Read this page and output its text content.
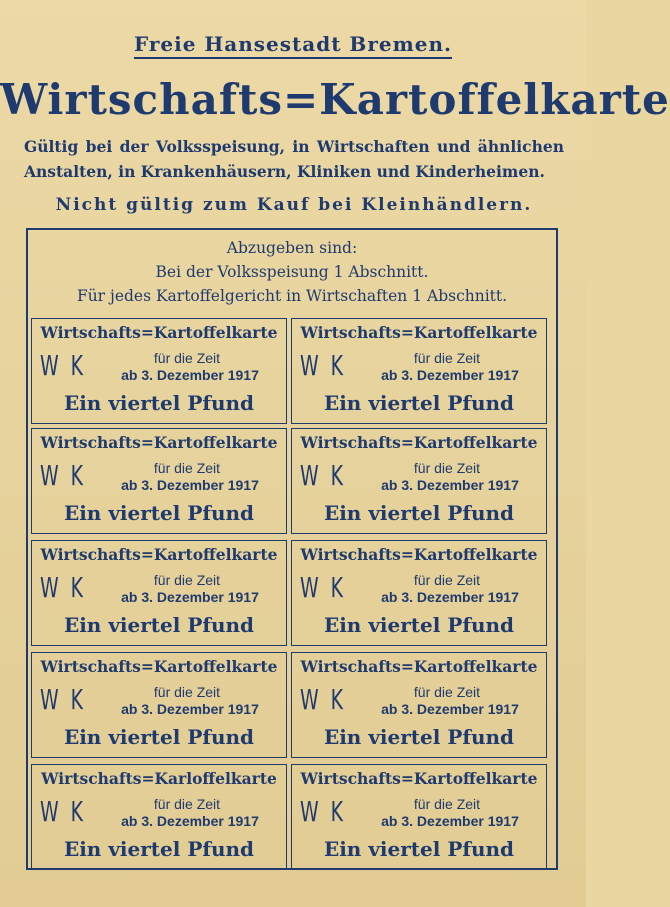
Freie Hansestadt Bremen.
Wirtschafts=Kartoffelkarte
Gültig bei der Volksspeisung, in Wirtschaften und ähnlichen Anstalten, in Krankenhäusern, Kliniken und Kinderheimen.
Nicht gültig zum Kauf bei Kleinhändlern.
Abzugeben sind:
Bei der Volksspeisung 1 Abschnitt.
Für jedes Kartoffelgericht in Wirtschaften 1 Abschnitt.
Wirtschafts=Kartoffelkarte
W K	für die Zeit
ab 3. Dezember 1917
Ein viertel Pfund
Wirtschafts=Kartoffelkarte
W K	für die Zeit
ab 3. Dezember 1917
Ein viertel Pfund
Wirtschafts=Kartoffelkarte
W K	für die Zeit
ab 3. Dezember 1917
Ein viertel Pfund
Wirtschafts=Kartoffelkarte
W K	für die Zeit
ab 3. Dezember 1917
Ein viertel Pfund
Wirtschafts=Kartoffelkarte
W K	für die Zeit
ab 3. Dezember 1917
Ein viertel Pfund
Wirtschafts=Kartoffelkarte
W K	für die Zeit
ab 3. Dezember 1917
Ein viertel Pfund
Wirtschafts=Kartoffelkarte
W K	für die Zeit
ab 3. Dezember 1917
Ein viertel Pfund
Wirtschafts=Kartoffelkarte
W K	für die Zeit
ab 3. Dezember 1917
Ein viertel Pfund
Wirtschafts=Karloffelkarte
W K	für die Zeit
ab 3. Dezember 1917
Ein viertel Pfund
Wirtschafts=Kartoffelkarte
W K	für die Zeit
ab 3. Dezember 1917
Ein viertel Pfund
